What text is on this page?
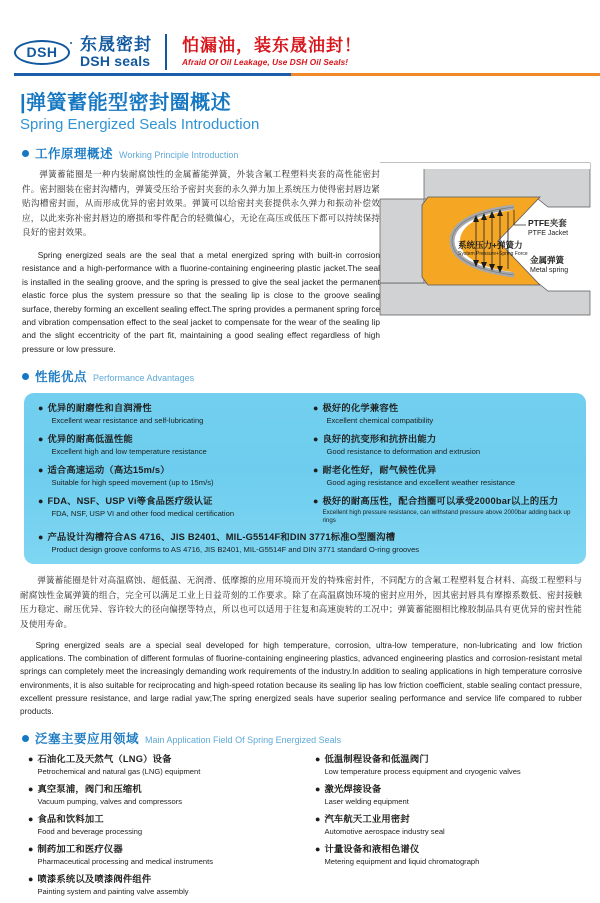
DSH	东晟密封
DSH seals
怕漏油，装东晟油封！
Afraid Of Oil Leakage, Use DSH Oil Seals!
|弹簧蓄能型密封圈概述
Spring Energized Seals Introduction
工作原理概述 Working Principle Introduction
弹簧蓄能圈是一种内装耐腐蚀性的金属蓄能弹簧，外装含氟工程塑料夹套的高性能密封件。密封圈装在密封沟槽内，弹簧受压给予密封夹套的永久弹力加上系统压力使得密封唇边紧贴沟槽密封面，从而形成优异的密封效果。弹簧可以给密封夹套提供永久弹力和振动补偿效应，以此来弥补密封唇边的磨损和零件配合的轻微偏心，无论在高压或低压下都可以持续保持良好的密封效果。
Spring energized seals are the seal that a metal energized spring with built-in corrosion resistance and a high-performance with a fluorine-containing engineering plastic jacket.The seal is installed in the sealing groove, and the spring is pressed to give the seal jacket the permanent elastic force plus the system pressure so that the sealing lip is close to the groove sealing surface, thereby forming an excellent sealing effect.The spring provides a permanent spring force and vibration compensation effect to the seal jacket to compensate for the wear of the sealing lip and the slight eccentricity of the part fit, maintaining a good sealing effect regardless of high pressure or low pressure.
PTFE夹套
PTFE Jacket
系统压力+弹簧力
System Pressure+Spring Force
金属弹簧
Metal spring
性能优点 Performance Advantages
● 优异的耐磨性和自润滑性
Excellent wear resistance and self-lubricating
● 优异的耐高低温性能
Excellent high and low temperature resistance
● 适合高速运动（高达15m/s）
Suitable for high speed movement (up to 15m/s)
● FDA、NSF、USP Vi等食品医疗级认证
FDA, NSF, USP VI and other food medical certification
● 极好的化学兼容性
Excellent chemical compatibility
● 良好的抗变形和抗挤出能力
Good resistance to deformation and extrusion
● 耐老化性好，耐气候性优异
Good aging resistance and excellent weather resistance
● 极好的耐高压性，配合挡圈可以承受2000bar以上的压力
Excellent high pressure resistance, can withstand pressure above 2000bar adding back up rings
● 产品设计沟槽符合AS 4716、JIS B2401、MIL-G5514F和DIN 3771标准O型圈沟槽
Product design groove conforms to AS 4716, JIS B2401, MIL-G5514F and DIN 3771 standard O-ring grooves
弹簧蓄能圈是针对高温腐蚀、超低温、无润滑、低摩擦的应用环境而开发的特殊密封件，不同配方的含氟工程塑料复合材料、高级工程塑料与耐腐蚀性金属弹簧的组合，完全可以满足工业上日益苛刻的工作要求。除了在高温腐蚀环境的密封应用外，因其密封唇具有摩擦系数低、密封接触压力稳定、耐压优异、容许较大的径向偏摆等特点，所以也可以适用于往复和高速旋转的工况中；弹簧蓄能圈相比橡胶制品具有更优异的密封性能及使用寿命。
Spring energized seals are a special seal developed for high temperature, corrosion, ultra-low temperature, non-lubricating and low friction applications. The combination of different formulas of fluorine-containing engineering plastics, advanced engineering plastics and corrosion-resistant metal springs can completely meet the increasingly demanding work requirements of the industry.In addition to sealing applications in high temperature corrosive environments, it is also suitable for reciprocating and high-speed rotation because its sealing lip has low friction coefficient, stable sealing contact pressure, excellent pressure resistance, and large radial yaw;The spring energized seals have superior sealing performance and service life compared to rubber products.
泛塞主要应用领域 Main Application Field Of Spring Energized Seals
● 石油化工及天然气（LNG）设备
Petrochemical and natural gas (LNG) equipment
● 真空泵浦，阀门和压缩机
Vacuum pumping, valves and compressors
● 食品和饮料加工
Food and beverage processing
● 制药加工和医疗仪器
Pharmaceutical processing and medical instruments
● 喷漆系统以及喷漆阀件组件
Painting system and painting valve assembly
● 低温制程设备和低温阀门
Low temperature process equipment and cryogenic valves
● 激光焊接设备
Laser welding equipment
● 汽车航天工业用密封
Automotive aerospace industry seal
● 计量设备和液相色谱仪
Metering equipment and liquid chromatograph
